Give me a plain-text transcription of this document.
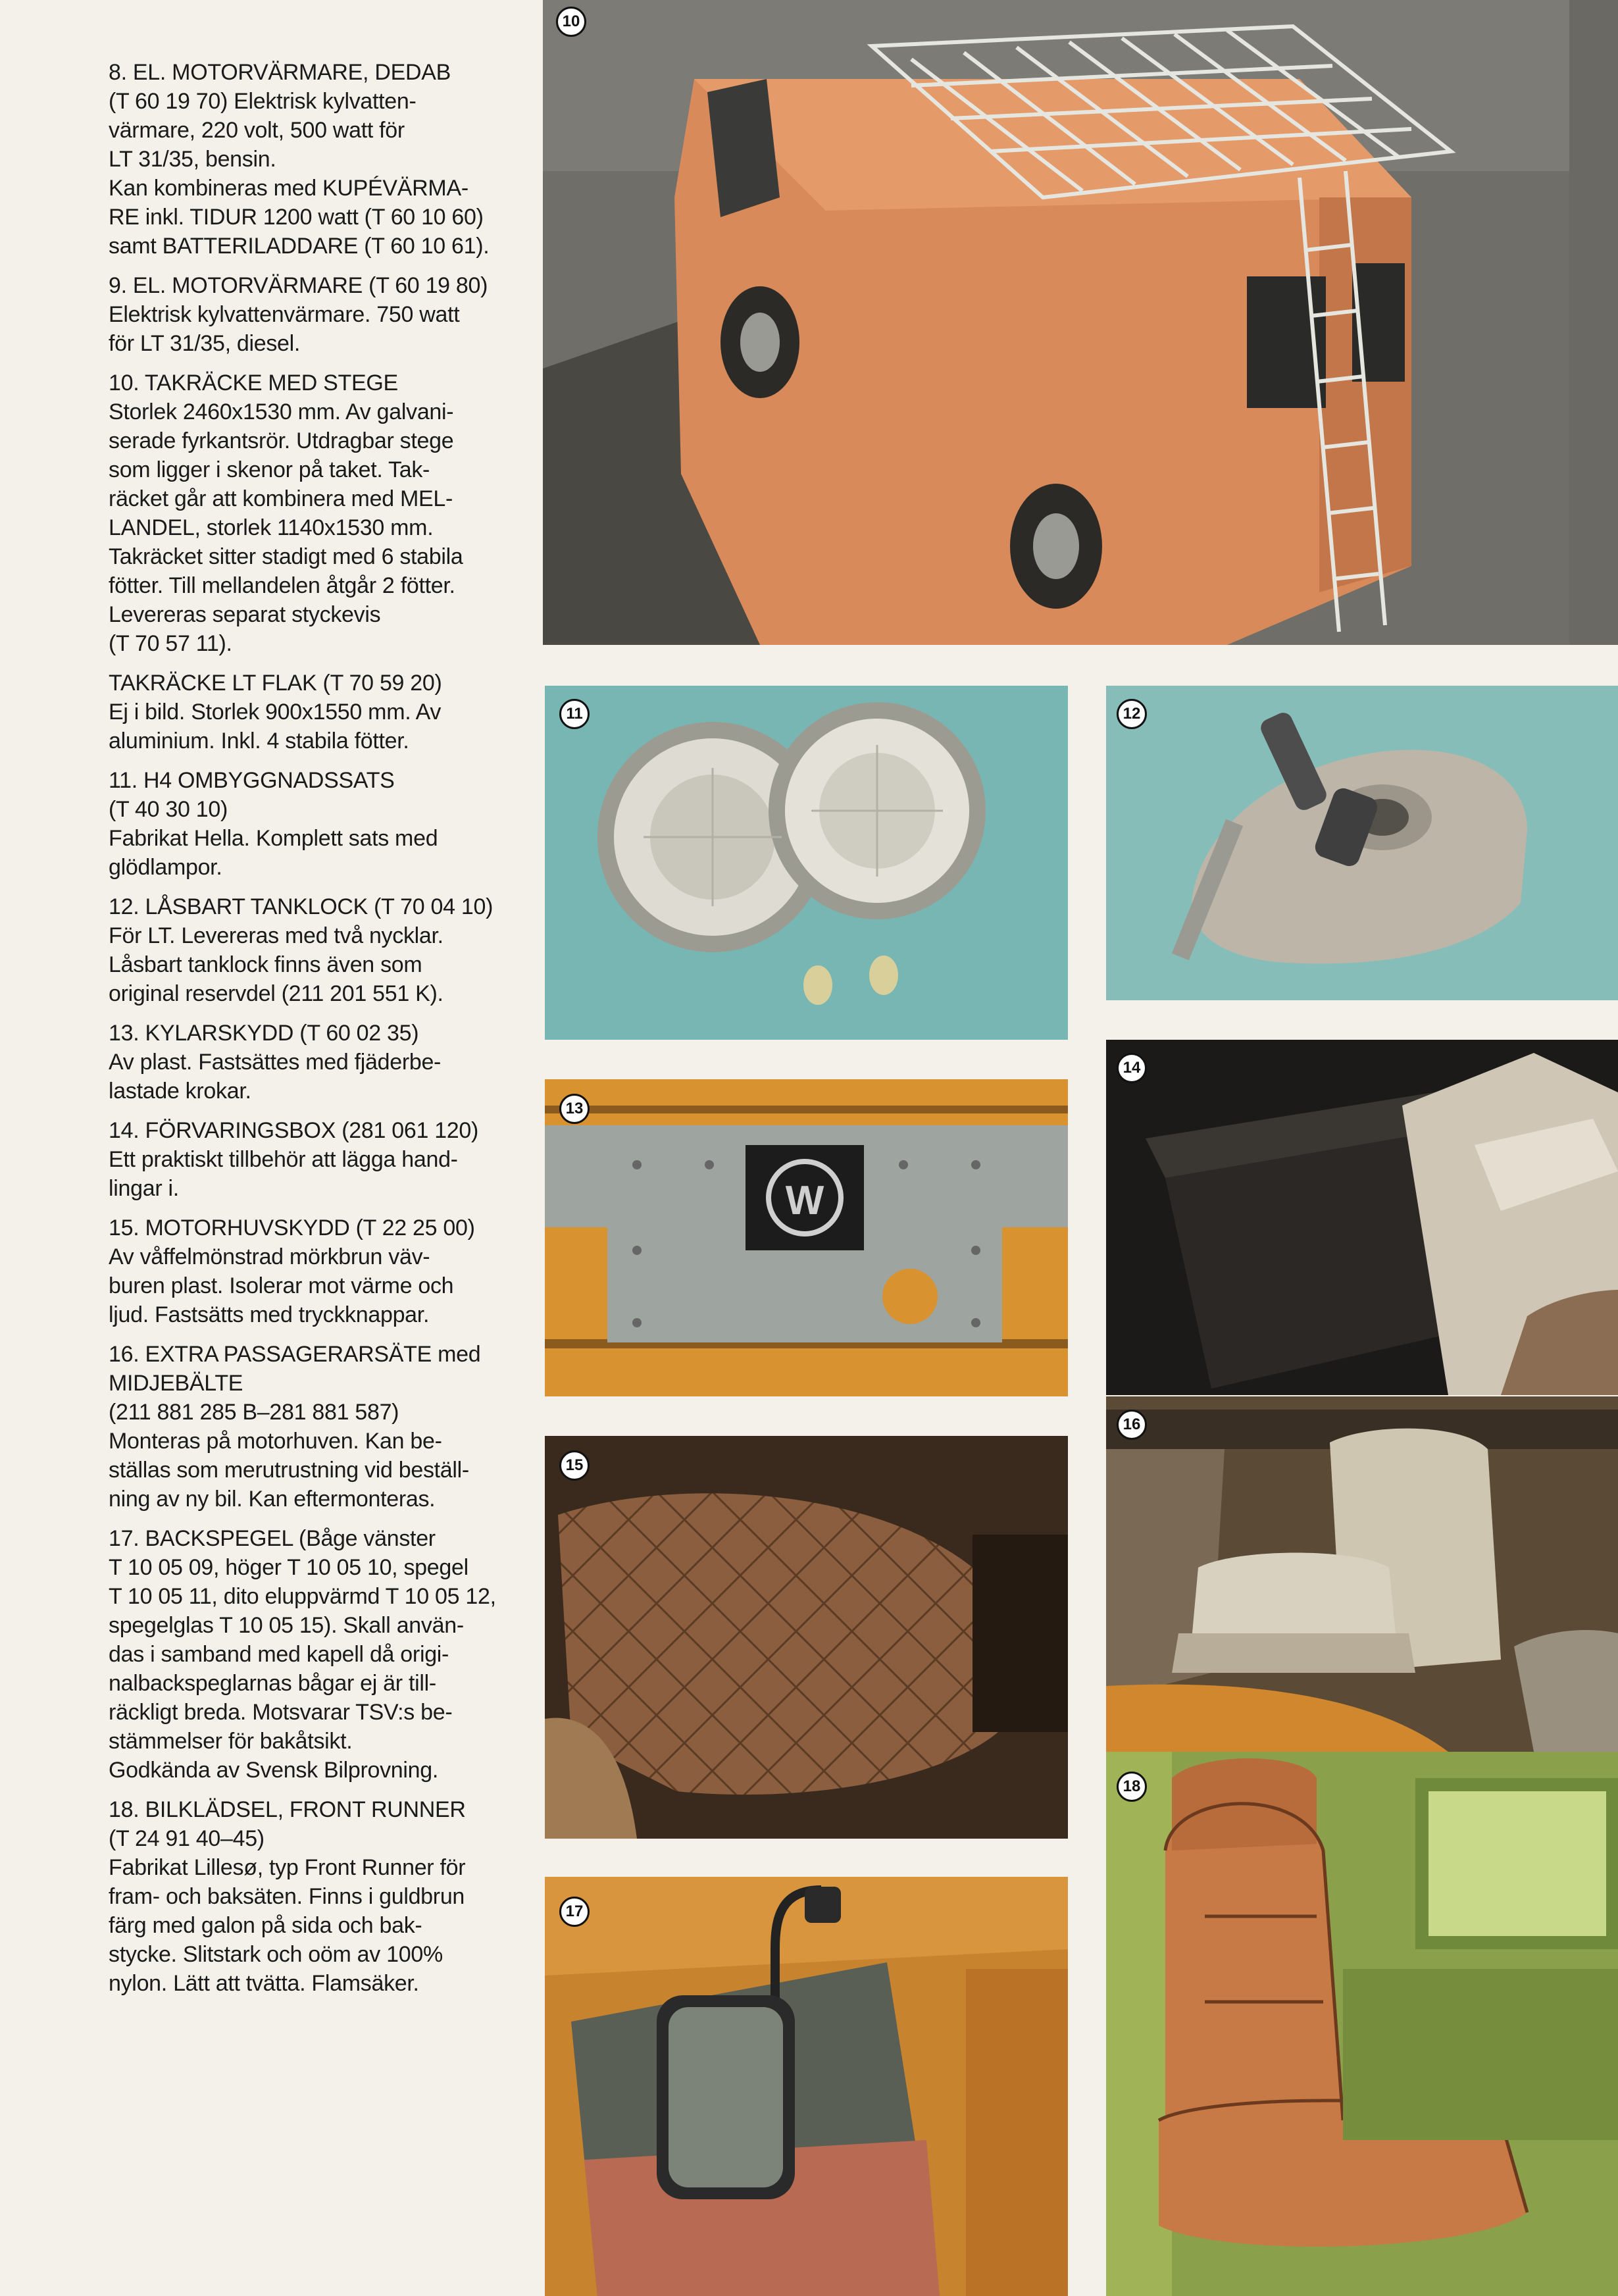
8. EL. MOTORVÄRMARE, DEDAB
(T 60 19 70) Elektrisk kylvatten-
värmare, 220 volt, 500 watt för
LT 31/35, bensin.
Kan kombineras med KUPÉVÄRMA-
RE inkl. TIDUR 1200 watt (T 60 10 60)
samt BATTERILADDARE (T 60 10 61).
9. EL. MOTORVÄRMARE (T 60 19 80)
Elektrisk kylvattenvärmare. 750 watt
för LT 31/35, diesel.
10. TAKRÄCKE MED STEGE
Storlek 2460x1530 mm. Av galvani-
serade fyrkantsrör. Utdragbar stege
som ligger i skenor på taket. Tak-
räcket går att kombinera med MEL-
LANDEL, storlek 1140x1530 mm.
Takräcket sitter stadigt med 6 stabila
fötter. Till mellandelen åtgår 2 fötter.
Levereras separat styckevis
(T 70 57 11).
TAKRÄCKE LT FLAK (T 70 59 20)
Ej i bild. Storlek 900x1550 mm. Av
aluminium. Inkl. 4 stabila fötter.
11. H4 OMBYGGNADSSATS
(T 40 30 10)
Fabrikat Hella. Komplett sats med
glödlampor.
12. LÅSBART TANKLOCK (T 70 04 10)
För LT. Levereras med två nycklar.
Låsbart tanklock finns även som
original reservdel (211 201 551 K).
13. KYLARSKYDD (T 60 02 35)
Av plast. Fastsättes med fjäderbe-
lastade krokar.
14. FÖRVARINGSBOX (281 061 120)
Ett praktiskt tillbehör att lägga hand-
lingar i.
15. MOTORHUVSKYDD (T 22 25 00)
Av våffelmönstrad mörkbrun väv-
buren plast. Isolerar mot värme och
ljud. Fastsätts med tryckknappar.
16. EXTRA PASSAGERARSÄTE med
MIDJEBÄLTE
(211 881 285 B–281 881 587)
Monteras på motorhuven. Kan be-
ställas som merutrustning vid beställ-
ning av ny bil. Kan eftermonteras.
17. BACKSPEGEL (Båge vänster
T 10 05 09, höger T 10 05 10, spegel
T 10 05 11, dito eluppvärmd T 10 05 12,
spegelglas T 10 05 15). Skall använ-
das i samband med kapell då origi-
nalbackspeglarnas bågar ej är till-
räckligt breda. Motsvarar TSV:s be-
stämmelser för bakåtsikt.
Godkända av Svensk Bilprovning.
18. BILKLÄDSEL, FRONT RUNNER
(T 24 91 40–45)
Fabrikat Lillesø, typ Front Runner för
fram- och baksäten. Finns i guldbrun
färg med galon på sida och bak-
stycke. Slitstark och oöm av 100%
nylon. Lätt att tvätta. Flamsäker.
10
11	12
W
13
14
15
16
17
18
